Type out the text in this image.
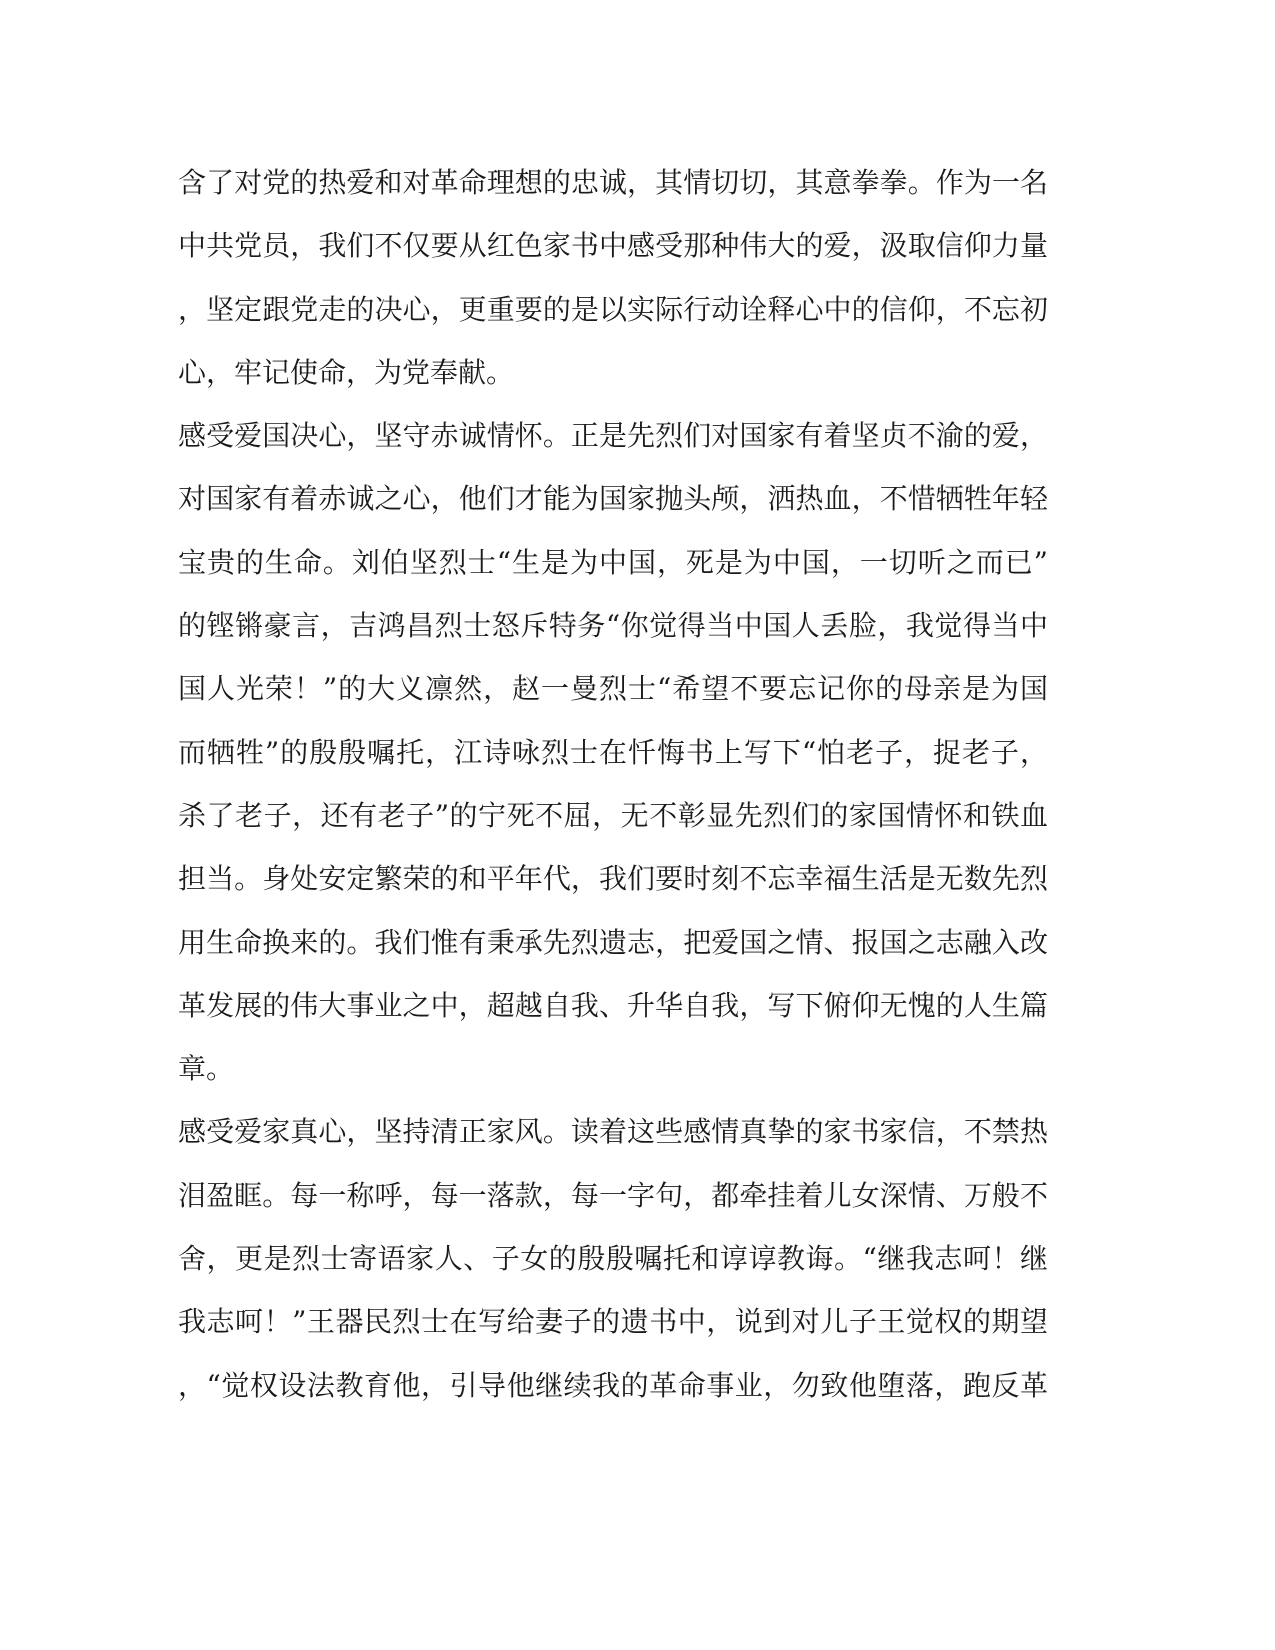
含了对党的热爱和对革命理想的忠诚，其情切切，其意拳拳。作为一名
中共党员，我们不仅要从红色家书中感受那种伟大的爱，汲取信仰力量
，坚定跟党走的决心，更重要的是以实际行动诠释心中的信仰，不忘初
心，牢记使命，为党奉献。
感受爱国决心，坚守赤诚情怀。正是先烈们对国家有着坚贞不渝的爱，
对国家有着赤诚之心，他们才能为国家抛头颅，洒热血，不惜牺牲年轻
宝贵的生命。刘伯坚烈士“生是为中国，死是为中国，一切听之而已”
的铿锵豪言，吉鸿昌烈士怒斥特务“你觉得当中国人丢脸，我觉得当中
国人光荣！”的大义凛然，赵一曼烈士“希望不要忘记你的母亲是为国
而牺牲”的殷殷嘱托，江诗咏烈士在忏悔书上写下“怕老子，捉老子，
杀了老子，还有老子”的宁死不屈，无不彰显先烈们的家国情怀和铁血
担当。身处安定繁荣的和平年代，我们要时刻不忘幸福生活是无数先烈
用生命换来的。我们惟有秉承先烈遗志，把爱国之情、报国之志融入改
革发展的伟大事业之中，超越自我、升华自我，写下俯仰无愧的人生篇
章。
感受爱家真心，坚持清正家风。读着这些感情真挚的家书家信，不禁热
泪盈眶。每一称呼，每一落款，每一字句，都牵挂着儿女深情、万般不
舍，更是烈士寄语家人、子女的殷殷嘱托和谆谆教诲。“继我志呵！继
我志呵！”王器民烈士在写给妻子的遗书中，说到对儿子王觉权的期望
，“觉权设法教育他，引导他继续我的革命事业，勿致他堕落，跑反革
